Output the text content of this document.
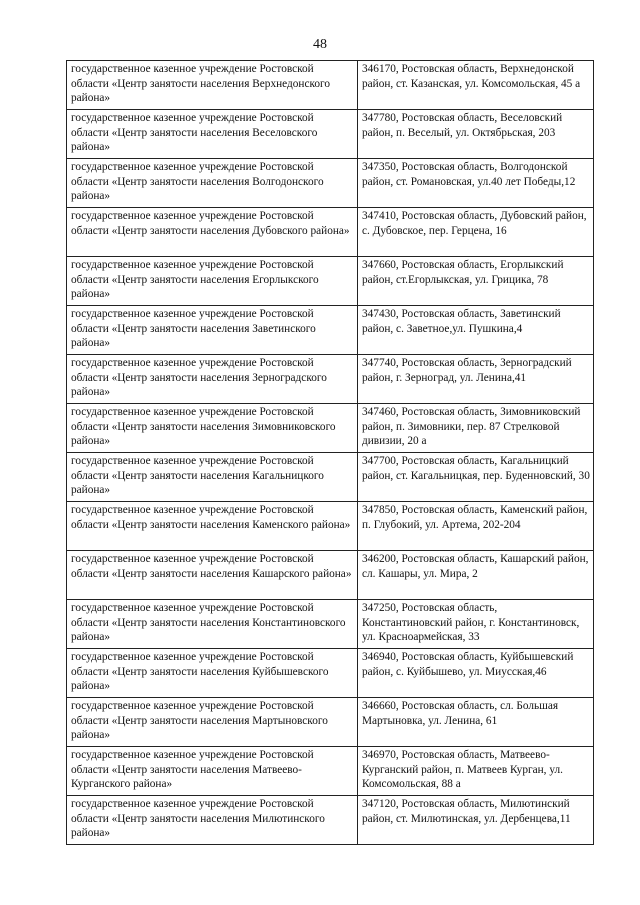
48
государственное казенное учреждение Ростовской области «Центр занятости населения Верхнедонского района»	346170, Ростовская область, Верхнедонской район, ст. Казанская, ул. Комсомольская, 45 а
государственное казенное учреждение Ростовской области «Центр занятости населения Веселовского района»	347780, Ростовская область, Веселовский район, п. Веселый, ул. Октябрьская, 203
государственное казенное учреждение Ростовской области «Центр занятости населения Волгодонского района»	347350, Ростовская область, Волгодонской район, ст. Романовская, ул.40 лет Победы,12
государственное казенное учреждение Ростовской области «Центр занятости населения Дубовского района»	347410, Ростовская область, Дубовский район, с. Дубовское, пер. Герцена, 16
государственное казенное учреждение Ростовской области «Центр занятости населения Егорлыкского района»	347660, Ростовская область, Егорлыкский район, ст.Егорлыкская, ул. Грицика, 78
государственное казенное учреждение Ростовской области «Центр занятости населения Заветинского района»	347430, Ростовская область, Заветинский район, с. Заветное,ул. Пушкина,4
государственное казенное учреждение Ростовской области «Центр занятости населения Зерноградского района»	347740, Ростовская область, Зерноградский район, г. Зерноград, ул. Ленина,41
государственное казенное учреждение Ростовской области «Центр занятости населения Зимовниковского района»	347460, Ростовская область, Зимовниковский район, п. Зимовники, пер. 87 Стрелковой дивизии, 20 а
государственное казенное учреждение Ростовской области «Центр занятости населения Кагальницкого района»	347700, Ростовская область, Кагальницкий район, ст. Кагальницкая, пер. Буденновский, 30
государственное казенное учреждение Ростовской области «Центр занятости населения Каменского района»	347850, Ростовская область, Каменский район, п. Глубокий, ул. Артема, 202-204
государственное казенное учреждение Ростовской области «Центр занятости населения Кашарского района»	346200, Ростовская область, Кашарский район, сл. Кашары, ул. Мира, 2
государственное казенное учреждение Ростовской области «Центр занятости населения Константиновского района»	347250, Ростовская область, Константиновский район, г. Константиновск, ул. Красноармейская, 33
государственное казенное учреждение Ростовской области «Центр занятости населения Куйбышевского района»	346940, Ростовская область, Куйбышевский район, с. Куйбышево, ул. Миусская,46
государственное казенное учреждение Ростовской области «Центр занятости населения Мартыновского района»	346660, Ростовская область, сл. Большая Мартыновка, ул. Ленина, 61
государственное казенное учреждение Ростовской области «Центр занятости населения Матвеево-Курганского района»	346970, Ростовская область, Матвеево-Курганский район, п. Матвеев Курган, ул. Комсомольская, 88 а
государственное казенное учреждение Ростовской области «Центр занятости населения Милютинского района»	347120, Ростовская область, Милютинский район, ст. Милютинская, ул. Дербенцева,11
